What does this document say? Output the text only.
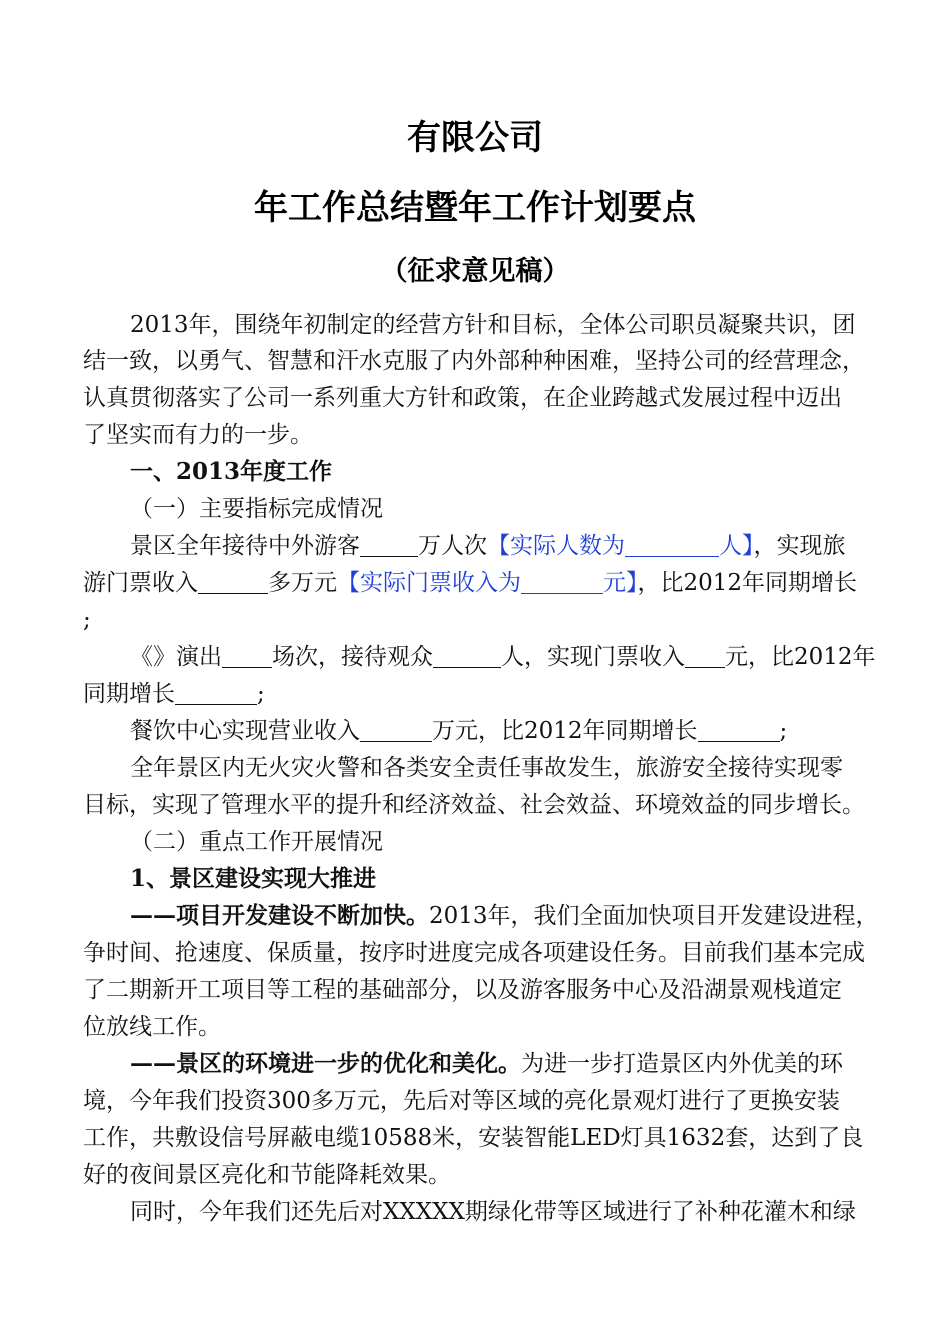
有限公司
年工作总结暨年工作计划要点
（征求意见稿）
2013年，围绕年初制定的经营方针和目标，全体公司职员凝聚共识，团
结一致，以勇气、智慧和汗水克服了内外部种种困难，坚持公司的经营理念，
认真贯彻落实了公司一系列重大方针和政策，在企业跨越式发展过程中迈出
了坚实而有力的一步。
一、2013年度工作
（一）主要指标完成情况
景区全年接待中外游客	万人次【实际人数为	人】，实现旅
游门票收入	多万元【实际门票收入为	元】，比2012年同期增长
;
《》演出 场次，接待观众	人，实现门票收入 元，比2012年
同期增长	;
餐饮中心实现营业收入	万元，比2012年同期增长	;
全年景区内无火灾火警和各类安全责任事故发生，旅游安全接待实现零
目标，实现了管理水平的提升和经济效益、社会效益、环境效益的同步增长。
（二）重点工作开展情况
1、景区建设实现大推进
——项目开发建设不断加快。2013年，我们全面加快项目开发建设进程，
争时间、抢速度、保质量，按序时进度完成各项建设任务。目前我们基本完成
了二期新开工项目等工程的基础部分，以及游客服务中心及沿湖景观栈道定
位放线工作。
——景区的环境进一步的优化和美化。为进一步打造景区内外优美的环
境，今年我们投资300多万元，先后对等区域的亮化景观灯进行了更换安装
工作，共敷设信号屏蔽电缆10588米，安装智能LED灯具1632套，达到了良
好的夜间景区亮化和节能降耗效果。
同时，今年我们还先后对XXXXX期绿化带等区域进行了补种花灌木和绿
